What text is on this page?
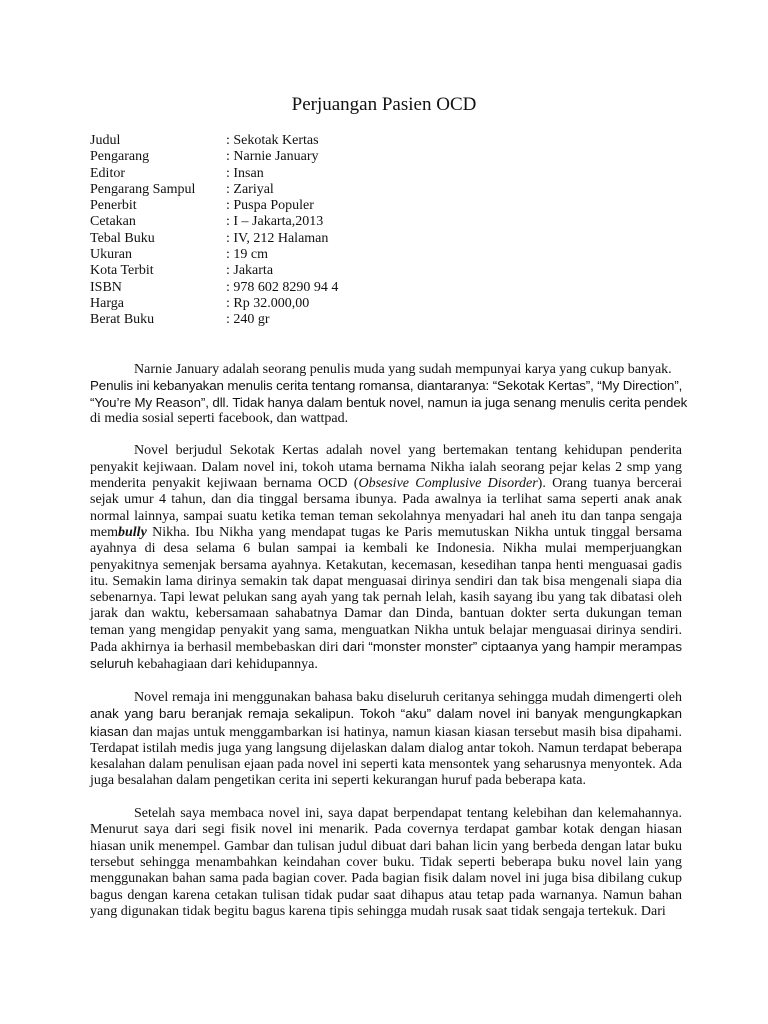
Perjuangan Pasien OCD
Judul	: Sekotak Kertas
Pengarang	: Narnie January
Editor	: Insan
Pengarang Sampul	: Zariyal
Penerbit	: Puspa Populer
Cetakan	: I – Jakarta,2013
Tebal Buku	: IV, 212 Halaman
Ukuran	: 19 cm
Kota Terbit	: Jakarta
ISBN	: 978 602 8290 94 4
Harga	: Rp 32.000,00
Berat Buku	: 240 gr

Narnie January adalah seorang penulis muda yang sudah mempunyai karya yang cukup banyak.
Penulis ini kebanyakan menulis cerita tentang romansa, diantaranya: “Sekotak Kertas”, “My Direction”,
“You’re My Reason”, dll. Tidak hanya dalam bentuk novel, namun ia juga senang menulis cerita pendek
di media sosial seperti facebook, dan wattpad.

Novel berjudul Sekotak Kertas adalah novel yang bertemakan tentang kehidupan penderita penyakit kejiwaan. Dalam novel ini, tokoh utama bernama Nikha ialah seorang pejar kelas 2 smp yang menderita penyakit kejiwaan bernama OCD (Obsesive Complusive Disorder). Orang tuanya bercerai sejak umur 4 tahun, dan dia tinggal bersama ibunya. Pada awalnya ia terlihat sama seperti anak anak normal lainnya, sampai suatu ketika teman teman sekolahnya menyadari hal aneh itu dan tanpa sengaja membully Nikha. Ibu Nikha yang mendapat tugas ke Paris memutuskan Nikha untuk tinggal bersama ayahnya di desa selama 6 bulan sampai ia kembali ke Indonesia. Nikha mulai memperjuangkan penyakitnya semenjak bersama ayahnya. Ketakutan, kecemasan, kesedihan tanpa henti menguasai gadis itu. Semakin lama dirinya semakin tak dapat menguasai dirinya sendiri dan tak bisa mengenali siapa dia sebenarnya. Tapi lewat pelukan sang ayah yang tak pernah lelah, kasih sayang ibu yang tak dibatasi oleh jarak dan waktu, kebersamaan sahabatnya Damar dan Dinda, bantuan dokter serta dukungan teman teman yang mengidap penyakit yang sama, menguatkan Nikha untuk belajar menguasai dirinya sendiri. Pada akhirnya ia berhasil membebaskan diri dari “monster monster” ciptaanya yang hampir merampas seluruh kebahagiaan dari kehidupannya.

Novel remaja ini menggunakan bahasa baku diseluruh ceritanya sehingga mudah dimengerti oleh anak yang baru beranjak remaja sekalipun. Tokoh “aku” dalam novel ini banyak mengungkapkan kiasan dan majas untuk menggambarkan isi hatinya, namun kiasan kiasan tersebut masih bisa dipahami. Terdapat istilah medis juga yang langsung dijelaskan dalam dialog antar tokoh. Namun terdapat beberapa kesalahan dalam penulisan ejaan pada novel ini seperti kata mensontek yang seharusnya menyontek. Ada juga besalahan dalam pengetikan cerita ini seperti kekurangan huruf pada beberapa kata.

Setelah saya membaca novel ini, saya dapat berpendapat tentang kelebihan dan kelemahannya. Menurut saya dari segi fisik novel ini menarik. Pada covernya terdapat gambar kotak dengan hiasan hiasan unik menempel. Gambar dan tulisan judul dibuat dari bahan licin yang berbeda dengan latar buku tersebut sehingga menambahkan keindahan cover buku. Tidak seperti beberapa buku novel lain yang menggunakan bahan sama pada bagian cover. Pada bagian fisik dalam novel ini juga bisa dibilang cukup bagus dengan karena cetakan tulisan tidak pudar saat dihapus atau tetap pada warnanya. Namun bahan yang digunakan tidak begitu bagus karena tipis sehingga mudah rusak saat tidak sengaja tertekuk. Dari
